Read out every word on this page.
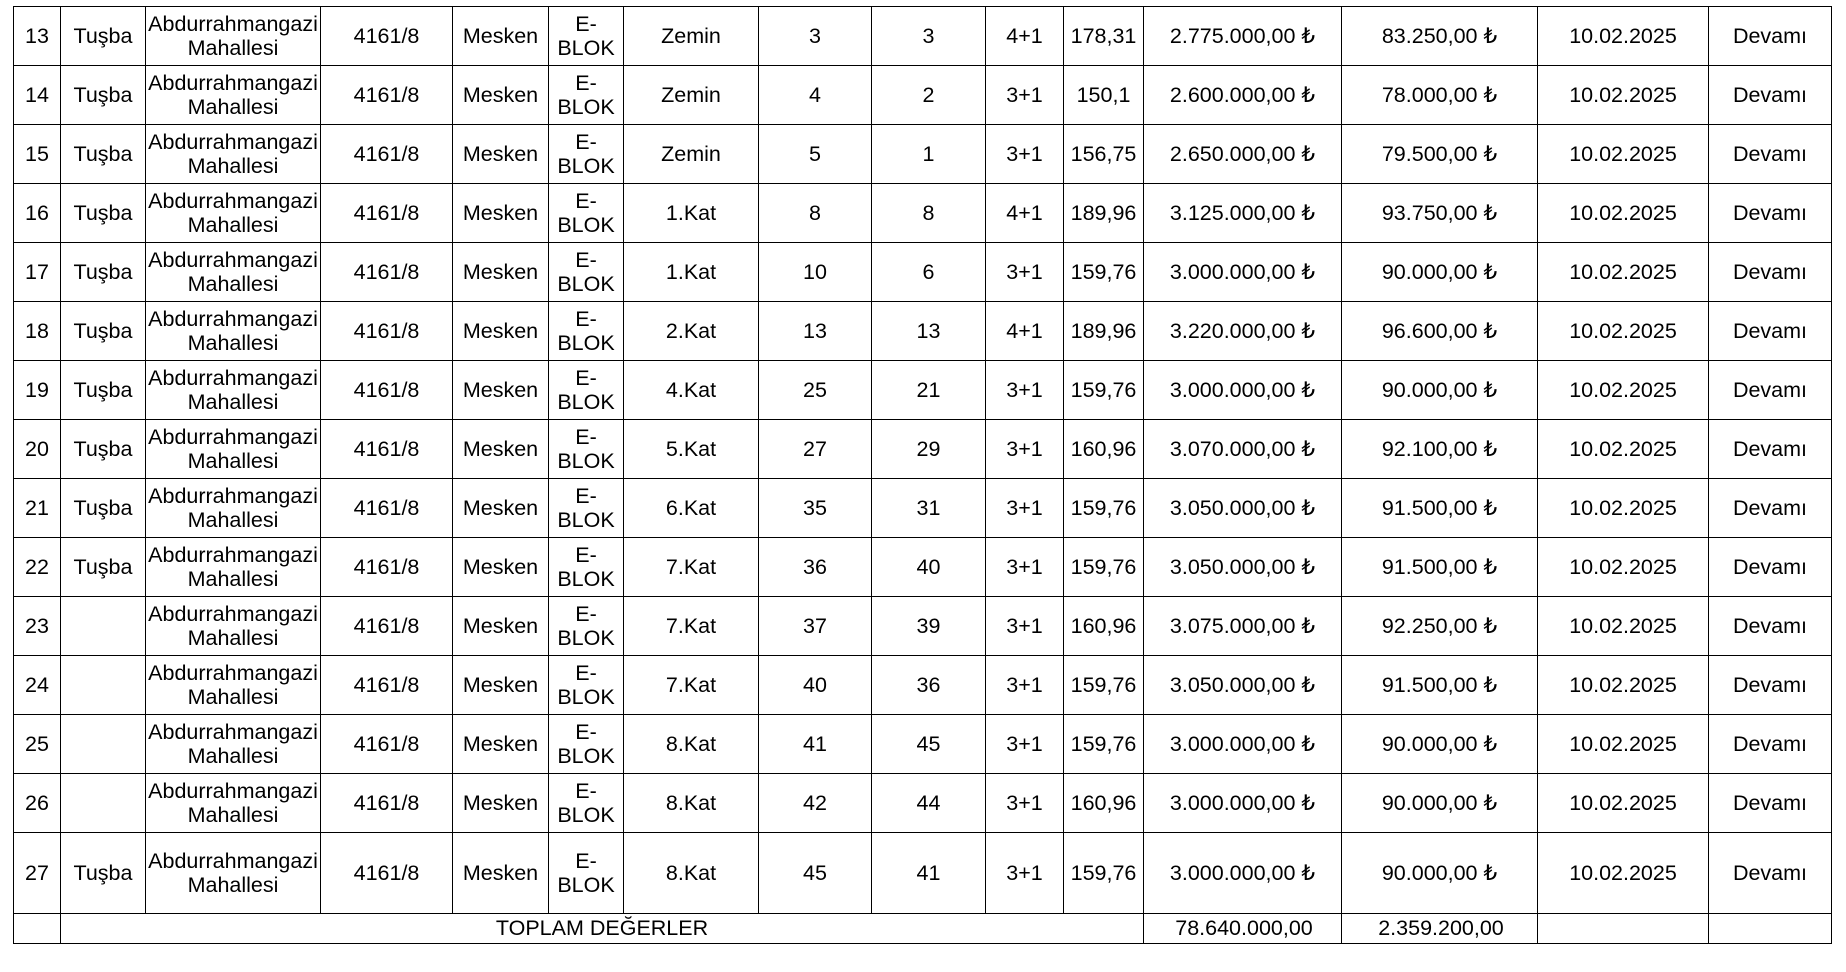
13	Tuşba	Abdurrahmangazi Mahallesi	4161/8	Mesken	E-BLOK	Zemin	3	3	4+1	178,31	2.775.000,00 ₺	83.250,00 ₺	10.02.2025	Devamı
14	Tuşba	Abdurrahmangazi Mahallesi	4161/8	Mesken	E-BLOK	Zemin	4	2	3+1	150,1	2.600.000,00 ₺	78.000,00 ₺	10.02.2025	Devamı
15	Tuşba	Abdurrahmangazi Mahallesi	4161/8	Mesken	E-BLOK	Zemin	5	1	3+1	156,75	2.650.000,00 ₺	79.500,00 ₺	10.02.2025	Devamı
16	Tuşba	Abdurrahmangazi Mahallesi	4161/8	Mesken	E-BLOK	1.Kat	8	8	4+1	189,96	3.125.000,00 ₺	93.750,00 ₺	10.02.2025	Devamı
17	Tuşba	Abdurrahmangazi Mahallesi	4161/8	Mesken	E-BLOK	1.Kat	10	6	3+1	159,76	3.000.000,00 ₺	90.000,00 ₺	10.02.2025	Devamı
18	Tuşba	Abdurrahmangazi Mahallesi	4161/8	Mesken	E-BLOK	2.Kat	13	13	4+1	189,96	3.220.000,00 ₺	96.600,00 ₺	10.02.2025	Devamı
19	Tuşba	Abdurrahmangazi Mahallesi	4161/8	Mesken	E-BLOK	4.Kat	25	21	3+1	159,76	3.000.000,00 ₺	90.000,00 ₺	10.02.2025	Devamı
20	Tuşba	Abdurrahmangazi Mahallesi	4161/8	Mesken	E-BLOK	5.Kat	27	29	3+1	160,96	3.070.000,00 ₺	92.100,00 ₺	10.02.2025	Devamı
21	Tuşba	Abdurrahmangazi Mahallesi	4161/8	Mesken	E-BLOK	6.Kat	35	31	3+1	159,76	3.050.000,00 ₺	91.500,00 ₺	10.02.2025	Devamı
22	Tuşba	Abdurrahmangazi Mahallesi	4161/8	Mesken	E-BLOK	7.Kat	36	40	3+1	159,76	3.050.000,00 ₺	91.500,00 ₺	10.02.2025	Devamı
23		Abdurrahmangazi Mahallesi	4161/8	Mesken	E-BLOK	7.Kat	37	39	3+1	160,96	3.075.000,00 ₺	92.250,00 ₺	10.02.2025	Devamı
24		Abdurrahmangazi Mahallesi	4161/8	Mesken	E-BLOK	7.Kat	40	36	3+1	159,76	3.050.000,00 ₺	91.500,00 ₺	10.02.2025	Devamı
25		Abdurrahmangazi Mahallesi	4161/8	Mesken	E-BLOK	8.Kat	41	45	3+1	159,76	3.000.000,00 ₺	90.000,00 ₺	10.02.2025	Devamı
26		Abdurrahmangazi Mahallesi	4161/8	Mesken	E-BLOK	8.Kat	42	44	3+1	160,96	3.000.000,00 ₺	90.000,00 ₺	10.02.2025	Devamı
27	Tuşba	Abdurrahmangazi Mahallesi	4161/8	Mesken	E-BLOK	8.Kat	45	41	3+1	159,76	3.000.000,00 ₺	90.000,00 ₺	10.02.2025	Devamı
	TOPLAM DEĞERLER										78.640.000,00	2.359.200,00		
